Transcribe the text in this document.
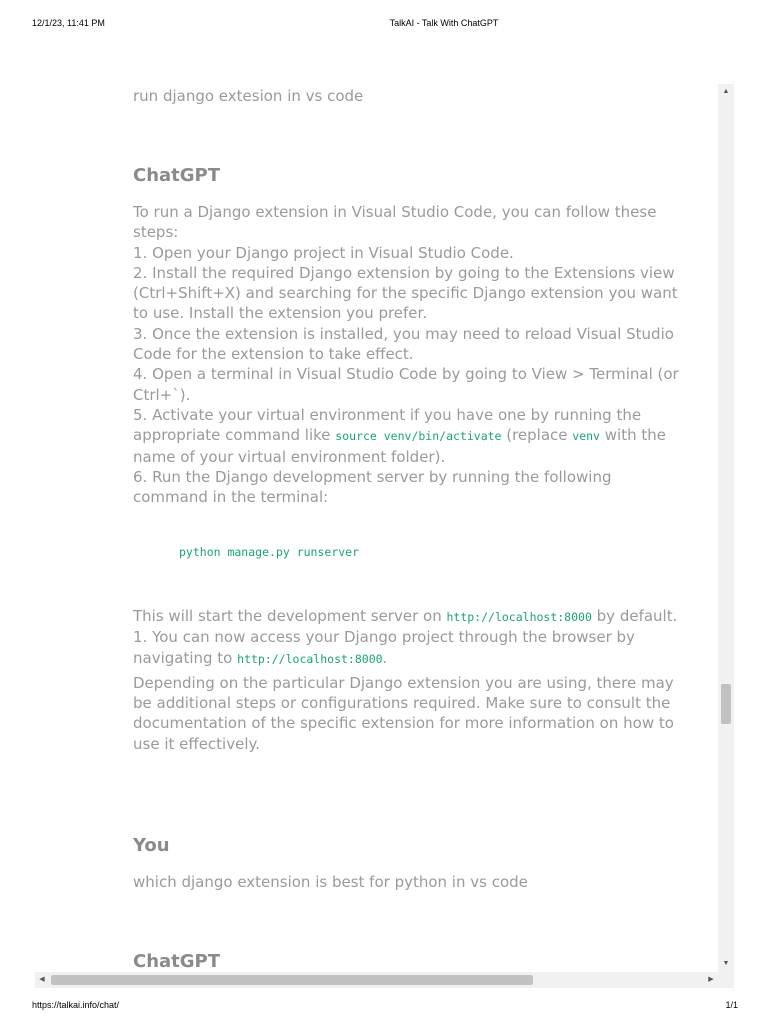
12/1/23, 11:41 PM	TalkAI - Talk With ChatGPT
run django extesion in vs code
ChatGPT

To run a Django extension in Visual Studio Code, you can follow these steps:

1. Open your Django project in Visual Studio Code.

2. Install the required Django extension by going to the Extensions view (Ctrl+Shift+X) and searching for the specific Django extension you want to use. Install the extension you prefer.

3. Once the extension is installed, you may need to reload Visual Studio Code for the extension to take effect.

4. Open a terminal in Visual Studio Code by going to View > Terminal (or Ctrl+`).

5. Activate your virtual environment if you have one by running the appropriate command like source venv/bin/activate (replace venv with the name of your virtual environment folder).

6. Run the Django development server by running the following command in the terminal:

python manage.py runserver

This will start the development server on http://localhost:8000 by default.

1. You can now access your Django project through the browser by navigating to http://localhost:8000.

Depending on the particular Django extension you are using, there may be additional steps or configurations required. Make sure to consult the documentation of the specific extension for more information on how to use it effectively.

You
which django extension is best for python in vs code
ChatGPT
▲
▼
◀	▶
https://talkai.info/chat/	1/1
